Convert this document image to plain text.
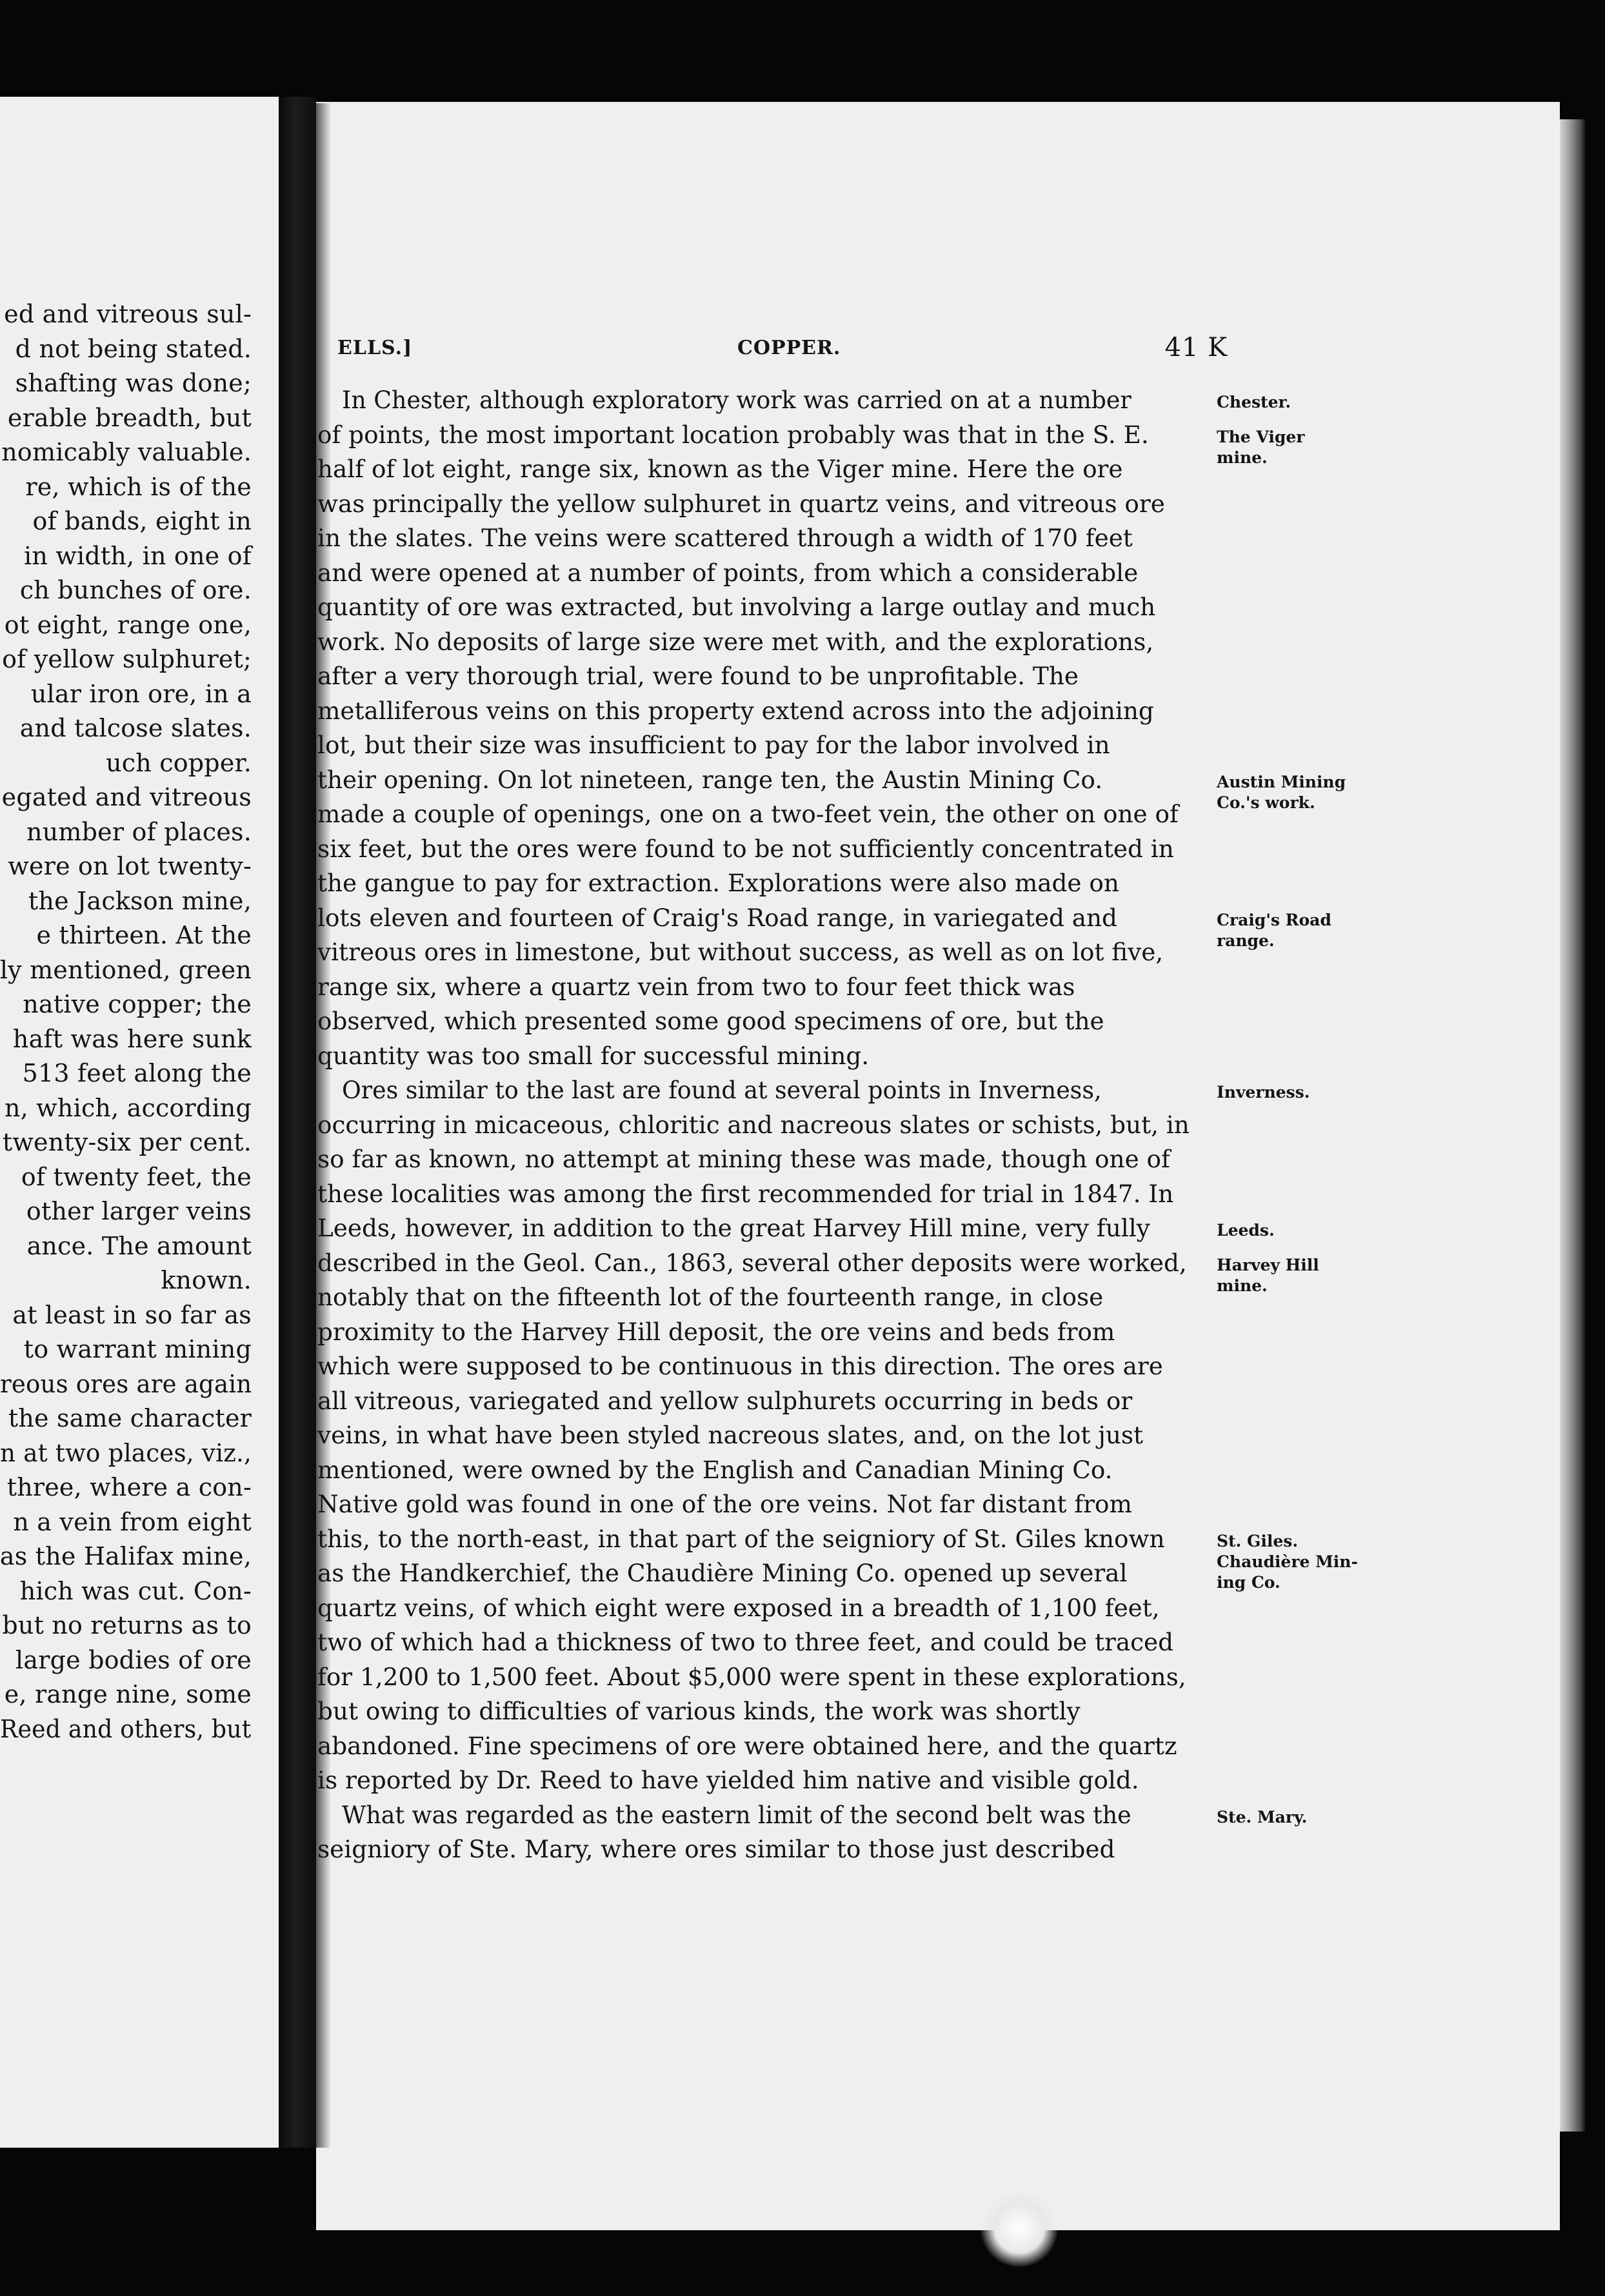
ed and vitreous sul-
d not being stated.
shafting was done;
erable breadth, but
nomicably valuable.
re, which is of the
of bands, eight in
in width, in one of
ch bunches of ore.
ot eight, range one,
of yellow sulphuret;
ular iron ore, in a
and talcose slates.
uch copper.
egated and vitreous
number of places.
were on lot twenty-
the Jackson mine,
e thirteen. At the
ly mentioned, green
native copper; the
haft was here sunk
513 feet along the
n, which, according
twenty-six per cent.
of twenty feet, the
other larger veins
ance. The amount
known.
at least in so far as
to warrant mining
reous ores are again
the same character
n at two places, viz.,
three, where a con-
n a vein from eight
as the Halifax mine,
hich was cut. Con-
but no returns as to
large bodies of ore
e, range nine, some
Reed and others, but
ELLS.]	COPPER.	41 K
In Chester, although exploratory work was carried on at a number
of points, the most important location probably was that in the S. E.
half of lot eight, range six, known as the Viger mine. Here the ore
was principally the yellow sulphuret in quartz veins, and vitreous ore
in the slates. The veins were scattered through a width of 170 feet
and were opened at a number of points, from which a considerable
quantity of ore was extracted, but involving a large outlay and much
work. No deposits of large size were met with, and the explorations,
after a very thorough trial, were found to be unprofitable. The
metalliferous veins on this property extend across into the adjoining
lot, but their size was insufficient to pay for the labor involved in
their opening. On lot nineteen, range ten, the Austin Mining Co.
made a couple of openings, one on a two-feet vein, the other on one of
six feet, but the ores were found to be not sufficiently concentrated in
the gangue to pay for extraction. Explorations were also made on
lots eleven and fourteen of Craig's Road range, in variegated and
vitreous ores in limestone, but without success, as well as on lot five,
range six, where a quartz vein from two to four feet thick was
observed, which presented some good specimens of ore, but the
quantity was too small for successful mining.
Ores similar to the last are found at several points in Inverness,
occurring in micaceous, chloritic and nacreous slates or schists, but, in
so far as known, no attempt at mining these was made, though one of
these localities was among the first recommended for trial in 1847. In
Leeds, however, in addition to the great Harvey Hill mine, very fully
described in the Geol. Can., 1863, several other deposits were worked,
notably that on the fifteenth lot of the fourteenth range, in close
proximity to the Harvey Hill deposit, the ore veins and beds from
which were supposed to be continuous in this direction. The ores are
all vitreous, variegated and yellow sulphurets occurring in beds or
veins, in what have been styled nacreous slates, and, on the lot just
mentioned, were owned by the English and Canadian Mining Co.
Native gold was found in one of the ore veins. Not far distant from
this, to the north-east, in that part of the seigniory of St. Giles known
as the Handkerchief, the Chaudière Mining Co. opened up several
quartz veins, of which eight were exposed in a breadth of 1,100 feet,
two of which had a thickness of two to three feet, and could be traced
for 1,200 to 1,500 feet. About $5,000 were spent in these explorations,
but owing to difficulties of various kinds, the work was shortly
abandoned. Fine specimens of ore were obtained here, and the quartz
is reported by Dr. Reed to have yielded him native and visible gold.
What was regarded as the eastern limit of the second belt was the
seigniory of Ste. Mary, where ores similar to those just described
Chester.
The Viger
mine.
Austin Mining
Co.'s work.
Craig's Road
range.
Inverness.
Leeds.
Harvey Hill
mine.
St. Giles.
Chaudière Min-
ing Co.
Ste. Mary.
